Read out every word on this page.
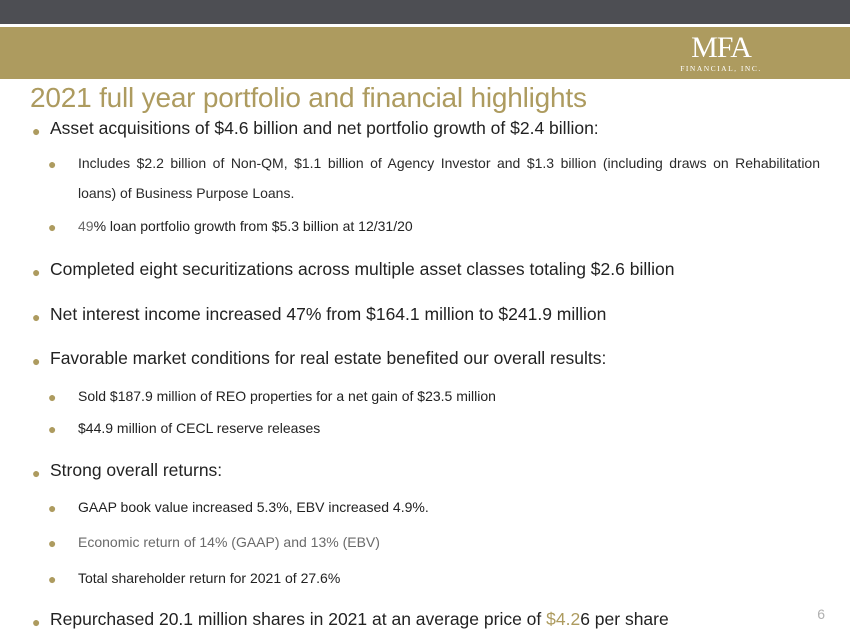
MFA
FINANCIAL, INC.
2021 full year portfolio and financial highlights
● Asset acquisitions of $4.6 billion and net portfolio growth of $2.4 billion:
● Includes $2.2 billion of Non-QM, $1.1 billion of Agency Investor and $1.3 billion (including draws on Rehabilitation loans) of Business Purpose Loans.
● 49% loan portfolio growth from $5.3 billion at 12/31/20
● Completed eight securitizations across multiple asset classes totaling $2.6 billion
● Net interest income increased 47% from $164.1 million to $241.9 million
● Favorable market conditions for real estate benefited our overall results:
● Sold $187.9 million of REO properties for a net gain of $23.5 million
● $44.9 million of CECL reserve releases
● Strong overall returns:
● GAAP book value increased 5.3%, EBV increased 4.9%.
● Economic return of 14% (GAAP) and 13% (EBV)
● Total shareholder return for 2021 of 27.6%
● Repurchased 20.1 million shares in 2021 at an average price of $4.26 per share	6
